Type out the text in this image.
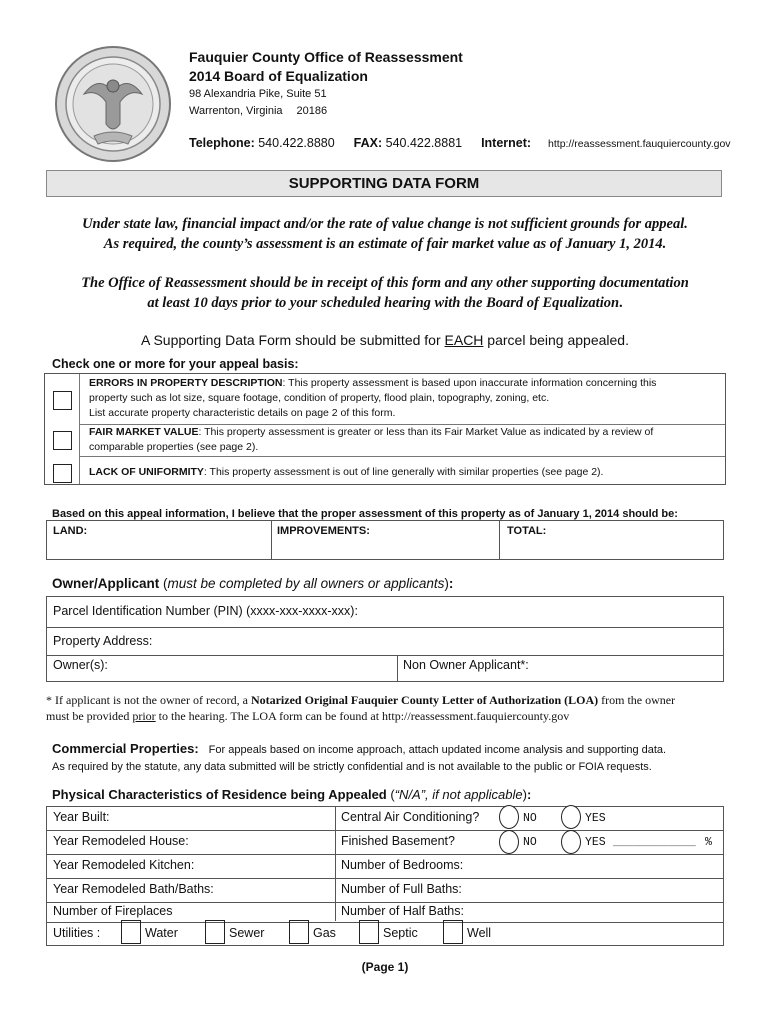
Fauquier County Office of Reassessment
2014 Board of Equalization
98 Alexandria Pike, Suite 51
Warrenton, Virginia 20186
Telephone: 540.422.8880 FAX: 540.422.8881 Internet: http://reassessment.fauquiercounty.gov
SUPPORTING DATA FORM
Under state law, financial impact and/or the rate of value change is not sufficient grounds for appeal.
As required, the county’s assessment is an estimate of fair market value as of January 1, 2014.
The Office of Reassessment should be in receipt of this form and any other supporting documentation
at least 10 days prior to your scheduled hearing with the Board of Equalization.
A Supporting Data Form should be submitted for EACH parcel being appealed.
Check one or more for your appeal basis:
ERRORS IN PROPERTY DESCRIPTION: This property assessment is based upon inaccurate information concerning this
property such as lot size, square footage, condition of property, flood plain, topography, zoning, etc.
List accurate property characteristic details on page 2 of this form.
FAIR MARKET VALUE: This property assessment is greater or less than its Fair Market Value as indicated by a review of
comparable properties (see page 2).
LACK OF UNIFORMITY: This property assessment is out of line generally with similar properties (see page 2).
Based on this appeal information, I believe that the proper assessment of this property as of January 1, 2014 should be:
LAND:	IMPROVEMENTS:	TOTAL:
Owner/Applicant (must be completed by all owners or applicants):
Parcel Identification Number (PIN) (xxxx-xxx-xxxx-xxx):
Property Address:
Owner(s):	Non Owner Applicant*:
* If applicant is not the owner of record, a Notarized Original Fauquier County Letter of Authorization (LOA) from the owner
must be provided prior to the hearing. The LOA form can be found at http://reassessment.fauquiercounty.gov
Commercial Properties: For appeals based on income approach, attach updated income analysis and supporting data.
As required by the statute, any data submitted will be strictly confidential and is not available to the public or FOIA requests.
Physical Characteristics of Residence being Appealed (“N/A”, if not applicable):
Year Built:	Central Air Conditioning?	NO	YES
Year Remodeled House:	Finished Basement?	NO	YES ____________ %
Year Remodeled Kitchen:	Number of Bedrooms:
Year Remodeled Bath/Baths:	Number of Full Baths:
Number of Fireplaces	Number of Half Baths:
Utilities :	Water	Sewer	Gas	Septic	Well
(Page 1)
